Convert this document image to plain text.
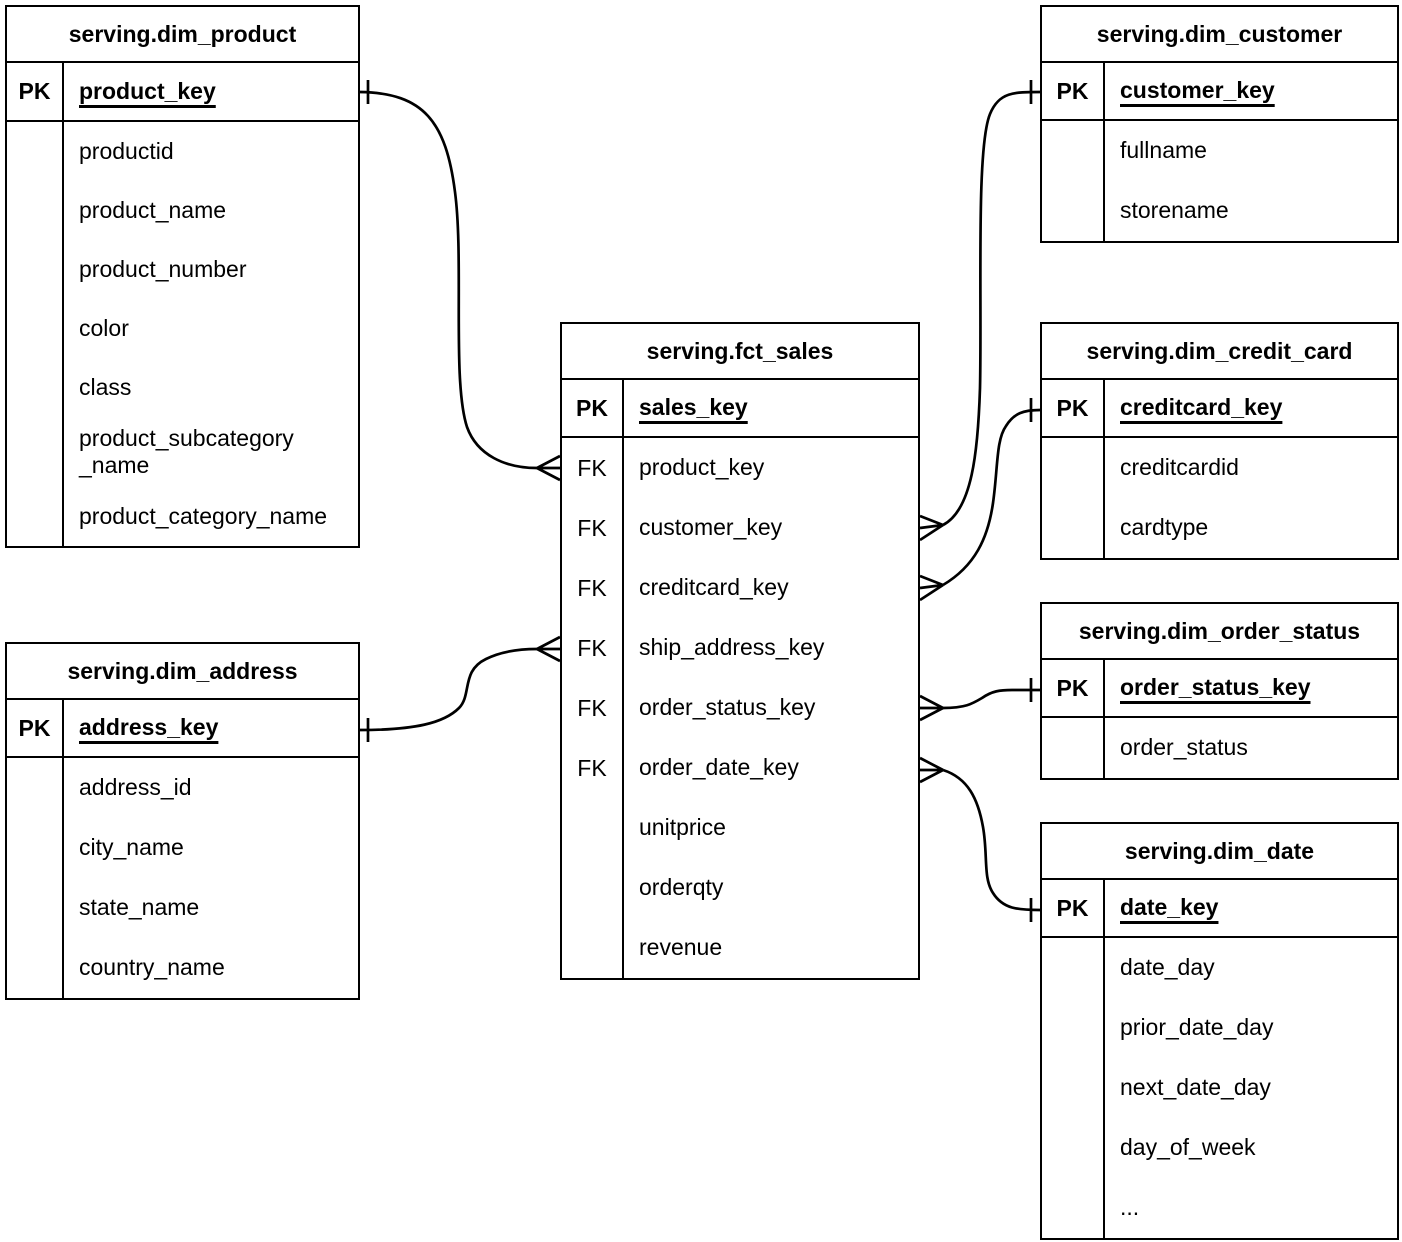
serving.dim_product
PK	product_key
productid
product_name
product_number
color
class
product_subcategory_name
product_category_name
serving.dim_customer
PK	customer_key
fullname
storename
serving.fct_sales
PK	sales_key
FK	product_key
FK	customer_key
FK	creditcard_key
FK	ship_address_key
FK	order_status_key
FK	order_date_key
unitprice
orderqty
revenue
serving.dim_credit_card
PK	creditcard_key
creditcardid
cardtype
serving.dim_order_status
PK	order_status_key
order_status
serving.dim_date
PK	date_key
date_day
prior_date_day
next_date_day
day_of_week
...
serving.dim_address
PK	address_key
address_id
city_name
state_name
country_name
